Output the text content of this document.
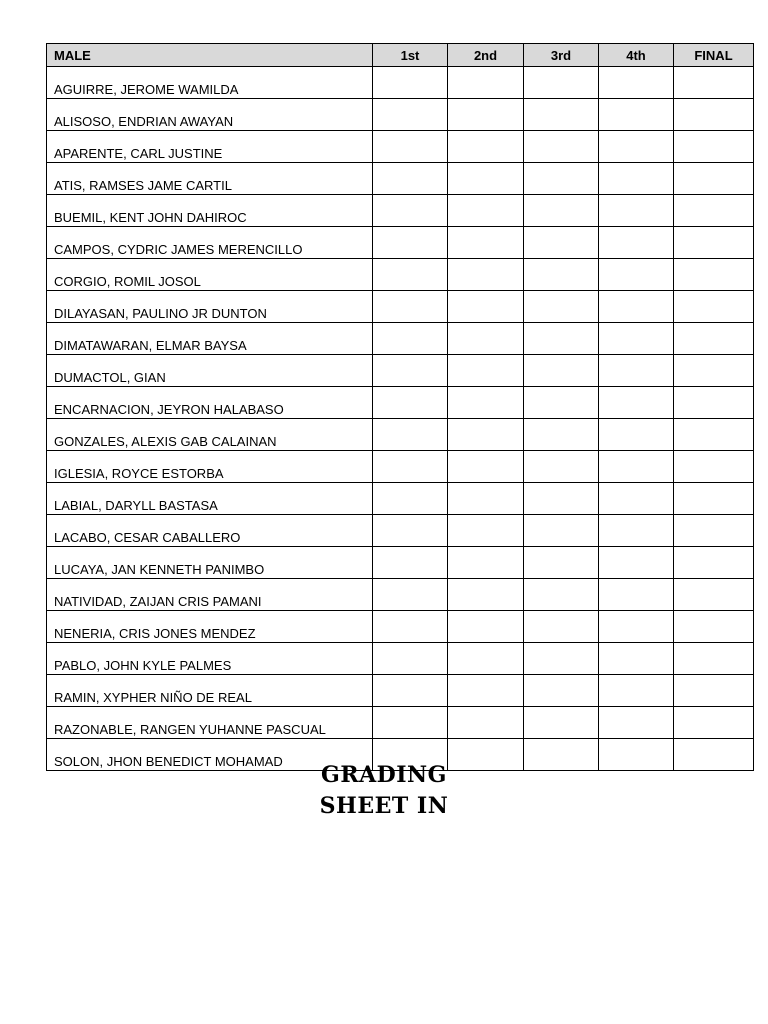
MALE	1st	2nd	3rd	4th	FINAL
AGUIRRE, JEROME WAMILDA					
ALISOSO, ENDRIAN AWAYAN					
APARENTE, CARL JUSTINE					
ATIS, RAMSES JAME CARTIL					
BUEMIL, KENT JOHN DAHIROC					
CAMPOS, CYDRIC JAMES MERENCILLO					
CORGIO, ROMIL JOSOL					
DILAYASAN, PAULINO JR DUNTON					
DIMATAWARAN, ELMAR BAYSA					
DUMACTOL, GIAN					
ENCARNACION, JEYRON HALABASO					
GONZALES, ALEXIS GAB CALAINAN					
IGLESIA, ROYCE ESTORBA					
LABIAL, DARYLL BASTASA					
LACABO, CESAR CABALLERO					
LUCAYA, JAN KENNETH PANIMBO					
NATIVIDAD, ZAIJAN CRIS PAMANI					
NENERIA, CRIS JONES MENDEZ					
PABLO, JOHN KYLE PALMES					
RAMIN, XYPHER NIÑO DE REAL					
RAZONABLE, RANGEN YUHANNE PASCUAL					
SOLON, JHON BENEDICT MOHAMAD					
GRADING
SHEET IN
